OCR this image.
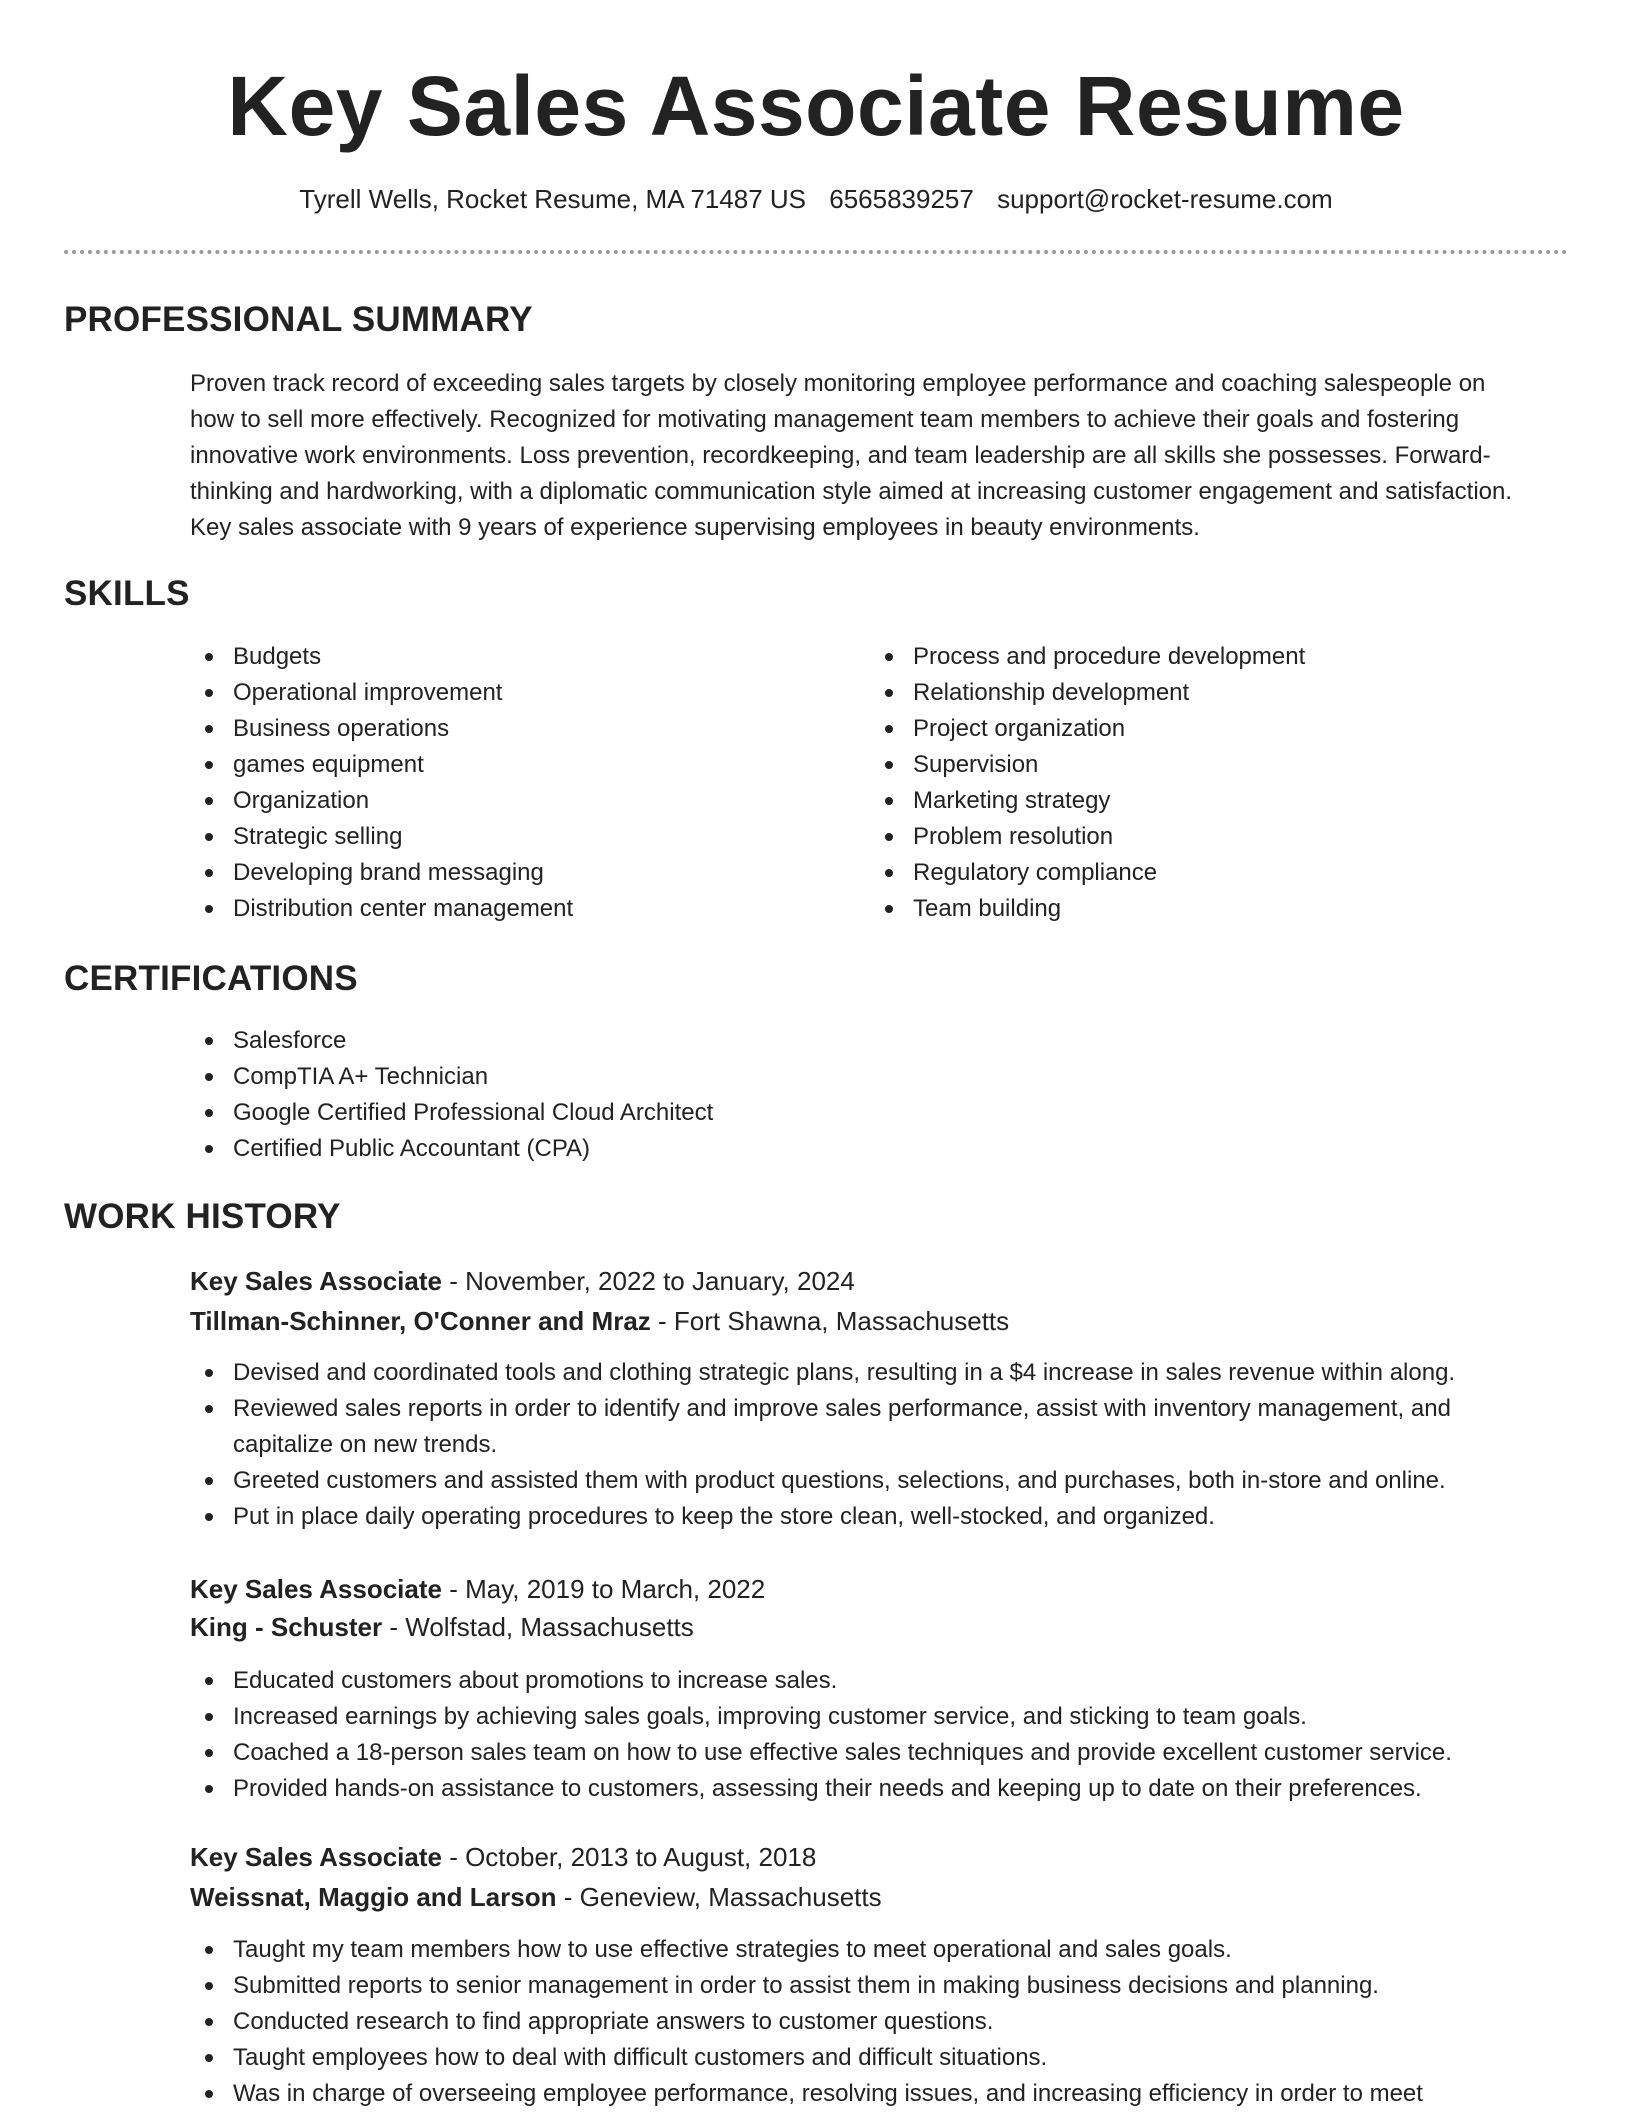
Key Sales Associate Resume
Tyrell Wells, Rocket Resume, MA 71487 US 6565839257 support@rocket-resume.com
PROFESSIONAL SUMMARY
Proven track record of exceeding sales targets by closely monitoring employee performance and coaching salespeople on how to sell more effectively. Recognized for motivating management team members to achieve their goals and fostering innovative work environments. Loss prevention, recordkeeping, and team leadership are all skills she possesses. Forward-thinking and hardworking, with a diplomatic communication style aimed at increasing customer engagement and satisfaction. Key sales associate with 9 years of experience supervising employees in beauty environments.
SKILLS
Budgets
Operational improvement
Business operations
games equipment
Organization
Strategic selling
Developing brand messaging
Distribution center management
Process and procedure development
Relationship development
Project organization
Supervision
Marketing strategy
Problem resolution
Regulatory compliance
Team building
CERTIFICATIONS
Salesforce
CompTIA A+ Technician
Google Certified Professional Cloud Architect
Certified Public Accountant (CPA)
WORK HISTORY
Key Sales Associate - November, 2022 to January, 2024
Tillman-Schinner, O'Conner and Mraz - Fort Shawna, Massachusetts
Devised and coordinated tools and clothing strategic plans, resulting in a $4 increase in sales revenue within along.
Reviewed sales reports in order to identify and improve sales performance, assist with inventory management, and capitalize on new trends.
Greeted customers and assisted them with product questions, selections, and purchases, both in-store and online.
Put in place daily operating procedures to keep the store clean, well-stocked, and organized.
Key Sales Associate - May, 2019 to March, 2022
King - Schuster - Wolfstad, Massachusetts
Educated customers about promotions to increase sales.
Increased earnings by achieving sales goals, improving customer service, and sticking to team goals.
Coached a 18-person sales team on how to use effective sales techniques and provide excellent customer service.
Provided hands-on assistance to customers, assessing their needs and keeping up to date on their preferences.
Key Sales Associate - October, 2013 to August, 2018
Weissnat, Maggio and Larson - Geneview, Massachusetts
Taught my team members how to use effective strategies to meet operational and sales goals.
Submitted reports to senior management in order to assist them in making business decisions and planning.
Conducted research to find appropriate answers to customer questions.
Taught employees how to deal with difficult customers and difficult situations.
Was in charge of overseeing employee performance, resolving issues, and increasing efficiency in order to meet
